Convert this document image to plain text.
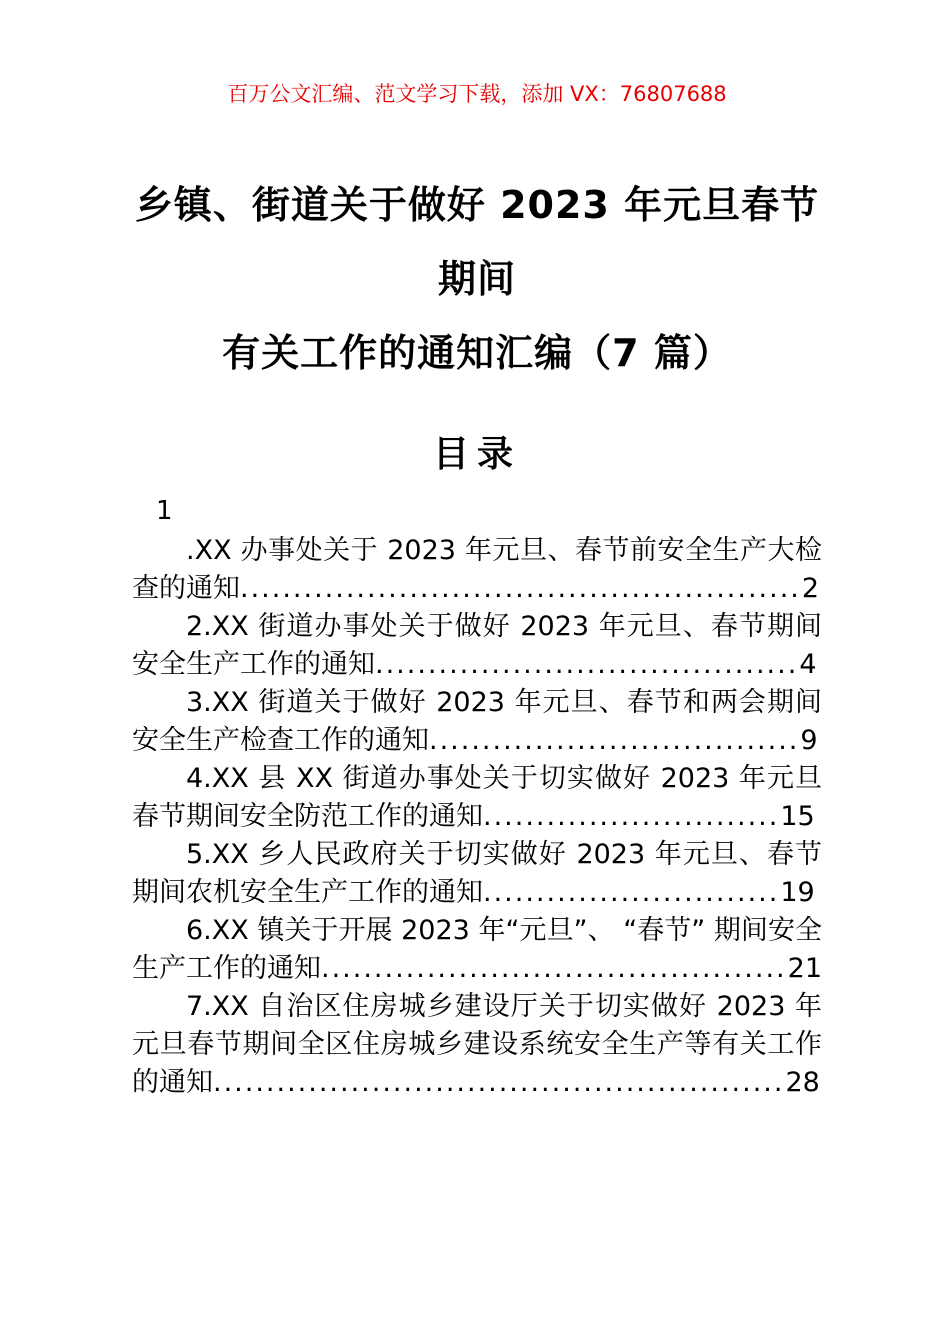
百万公文汇编、范文学习下载，添加 VX：76807688
乡镇、街道关于做好 2023 年元旦春节期间
有关工作的通知汇编（7 篇）
目录
1

.XX 办事处关于 2023 年元旦、春节前安全生产大检查的通知.....................................................2

2.XX 街道办事处关于做好 2023 年元旦、春节期间安全生产工作的通知........................................4

3.XX 街道关于做好 2023 年元旦、春节和两会期间安全生产检查工作的通知...................................9

4.XX 县 XX 街道办事处关于切实做好 2023 年元旦春节期间安全防范工作的通知............................15

5.XX 乡人民政府关于切实做好 2023 年元旦、春节期间农机安全生产工作的通知............................19

6.XX 镇关于开展 2023 年“元旦”、 “春节” 期间安全生产工作的通知............................................21

7.XX 自治区住房城乡建设厅关于切实做好 2023 年元旦春节期间全区住房城乡建设系统安全生产等有关工作的通知......................................................28
